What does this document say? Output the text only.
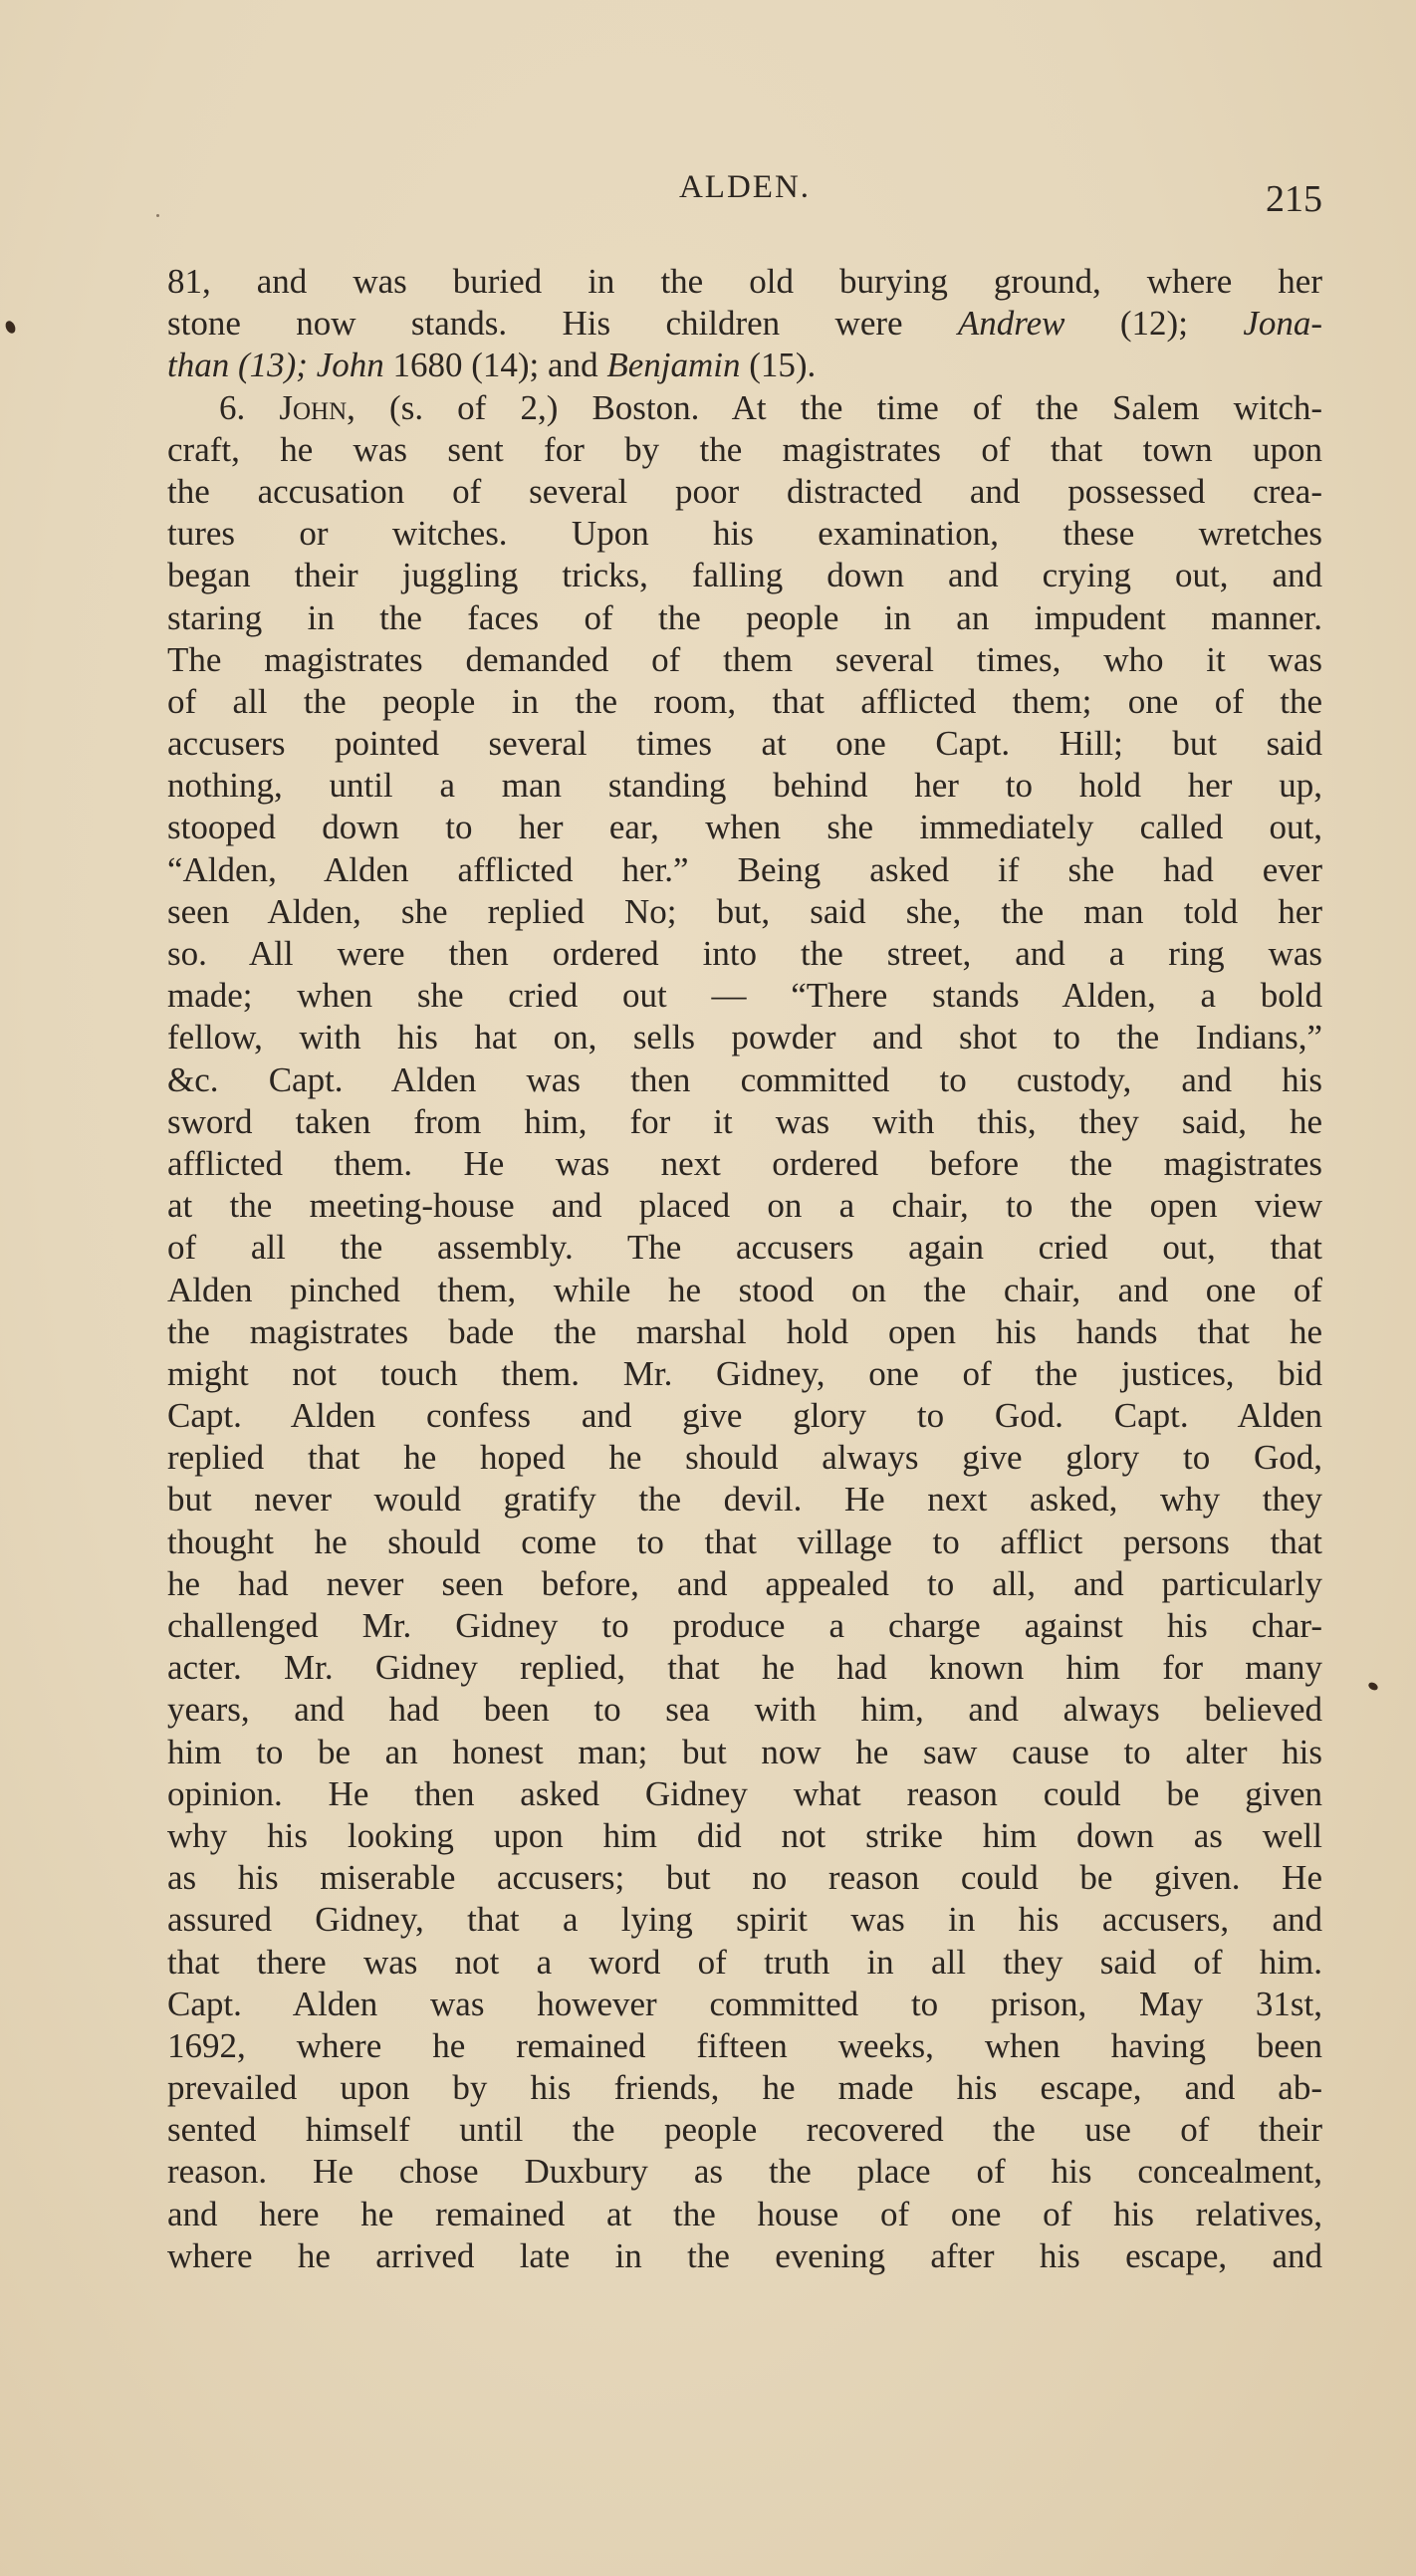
ALDEN.	215
81, and was buried in the old burying ground, where her
stone now stands. His children were Andrew (12); Jona-
than (13); John 1680 (14); and Benjamin (15).
6. John, (s. of 2,) Boston. At the time of the Salem witch-
craft, he was sent for by the magistrates of that town upon
the accusation of several poor distracted and possessed crea-
tures or witches. Upon his examination, these wretches
began their juggling tricks, falling down and crying out, and
staring in the faces of the people in an impudent manner.
The magistrates demanded of them several times, who it was
of all the people in the room, that afflicted them; one of the
accusers pointed several times at one Capt. Hill; but said
nothing, until a man standing behind her to hold her up,
stooped down to her ear, when she immediately called out,
“Alden, Alden afflicted her.” Being asked if she had ever
seen Alden, she replied No; but, said she, the man told her
so. All were then ordered into the street, and a ring was
made; when she cried out — “There stands Alden, a bold
fellow, with his hat on, sells powder and shot to the Indians,”
&c. Capt. Alden was then committed to custody, and his
sword taken from him, for it was with this, they said, he
afflicted them. He was next ordered before the magistrates
at the meeting-house and placed on a chair, to the open view
of all the assembly. The accusers again cried out, that
Alden pinched them, while he stood on the chair, and one of
the magistrates bade the marshal hold open his hands that he
might not touch them. Mr. Gidney, one of the justices, bid
Capt. Alden confess and give glory to God. Capt. Alden
replied that he hoped he should always give glory to God,
but never would gratify the devil. He next asked, why they
thought he should come to that village to afflict persons that
he had never seen before, and appealed to all, and particularly
challenged Mr. Gidney to produce a charge against his char-
acter. Mr. Gidney replied, that he had known him for many
years, and had been to sea with him, and always believed
him to be an honest man; but now he saw cause to alter his
opinion. He then asked Gidney what reason could be given
why his looking upon him did not strike him down as well
as his miserable accusers; but no reason could be given. He
assured Gidney, that a lying spirit was in his accusers, and
that there was not a word of truth in all they said of him.
Capt. Alden was however committed to prison, May 31st,
1692, where he remained fifteen weeks, when having been
prevailed upon by his friends, he made his escape, and ab-
sented himself until the people recovered the use of their
reason. He chose Duxbury as the place of his concealment,
and here he remained at the house of one of his relatives,
where he arrived late in the evening after his escape, and
